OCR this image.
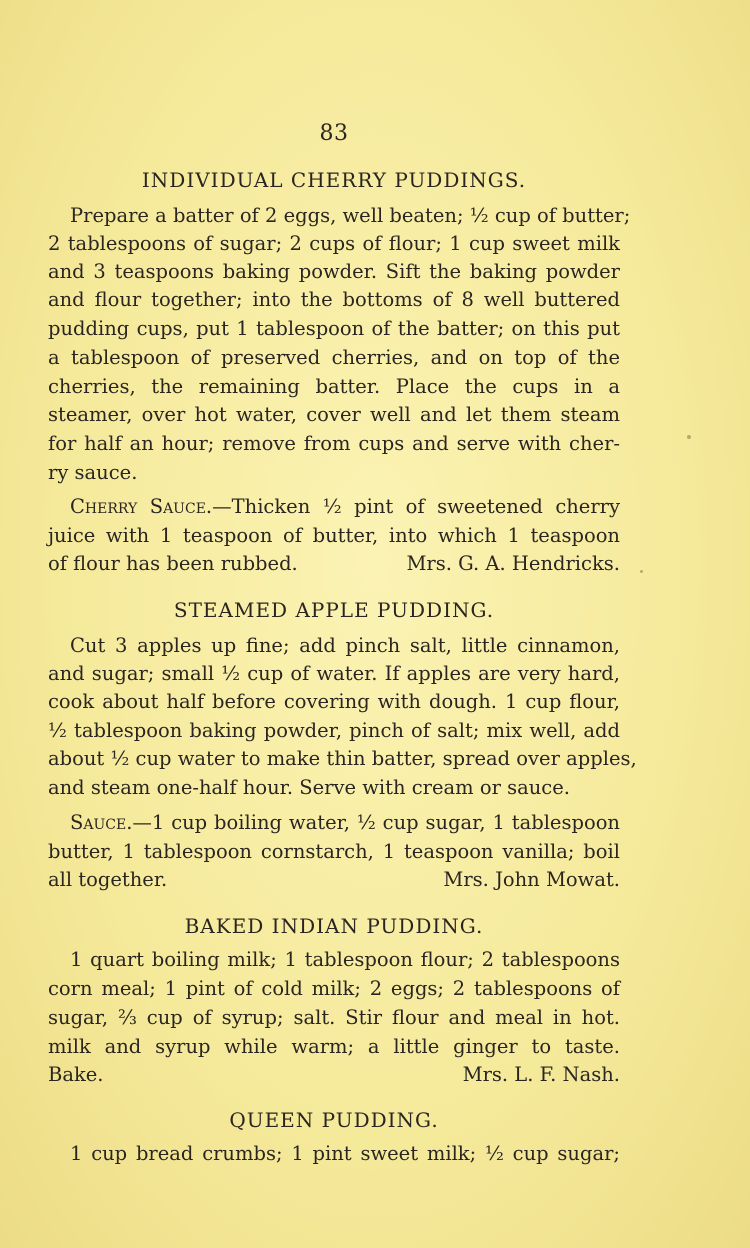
83
INDIVIDUAL CHERRY PUDDINGS.
Prepare a batter of 2 eggs, well beaten; ½ cup of butter;
2 tablespoons of sugar; 2 cups of flour; 1 cup sweet milk
and 3 teaspoons baking powder. Sift the baking powder
and flour together; into the bottoms of 8 well buttered
pudding cups, put 1 tablespoon of the batter; on this put
a tablespoon of preserved cherries, and on top of the
cherries, the remaining batter. Place the cups in a
steamer, over hot water, cover well and let them steam
for half an hour; remove from cups and serve with cher-
ry sauce.
Cherry Sauce.—Thicken ½ pint of sweetened cherry
juice with 1 teaspoon of butter, into which 1 teaspoon
of flour has been rubbed.	Mrs. G. A. Hendricks.
STEAMED APPLE PUDDING.
Cut 3 apples up fine; add pinch salt, little cinnamon,
and sugar; small ½ cup of water. If apples are very hard,
cook about half before covering with dough. 1 cup flour,
½ tablespoon baking powder, pinch of salt; mix well, add
about ½ cup water to make thin batter, spread over apples,
and steam one-half hour. Serve with cream or sauce.
Sauce.—1 cup boiling water, ½ cup sugar, 1 tablespoon
butter, 1 tablespoon cornstarch, 1 teaspoon vanilla; boil
all together.	Mrs. John Mowat.
BAKED INDIAN PUDDING.
1 quart boiling milk; 1 tablespoon flour; 2 tablespoons
corn meal; 1 pint of cold milk; 2 eggs; 2 tablespoons of
sugar, ⅔ cup of syrup; salt. Stir flour and meal in hot.
milk and syrup while warm; a little ginger to taste.
Bake.	Mrs. L. F. Nash.
QUEEN PUDDING.
1 cup bread crumbs; 1 pint sweet milk; ½ cup sugar;
